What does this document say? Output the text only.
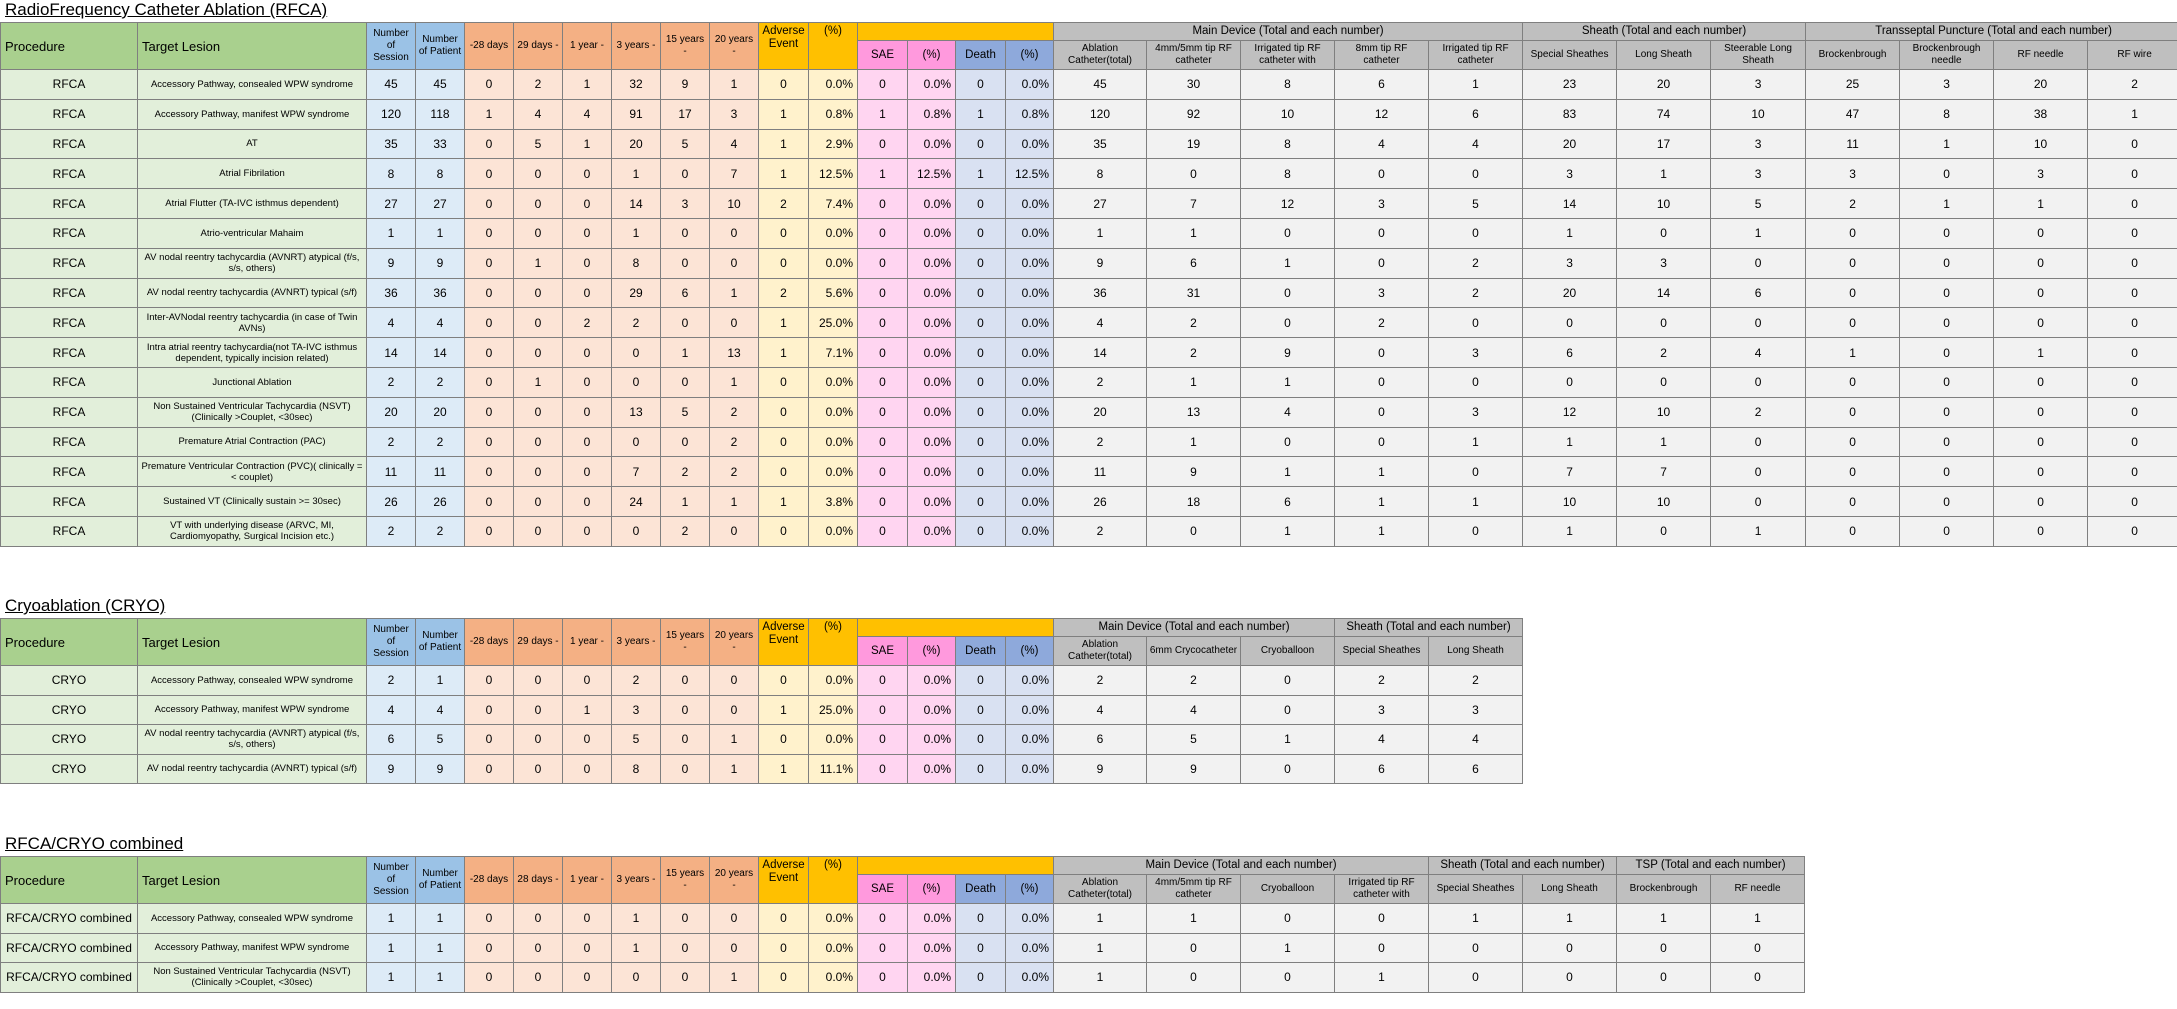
RadioFrequency Catheter Ablation (RFCA)
Procedure	Target Lesion	Number of Session	Number of Patient	-28 days	29 days -	1 year -	3 years -	15 years -	20 years -	Adverse Event	(%)					Main Device (Total and each number)					Sheath (Total and each number)			Transseptal Puncture (Total and each number)			
												SAE	(%)	Death	(%)	Ablation Catheter(total)	4mm/5mm tip RF catheter	Irrigated tip RF catheter with	8mm tip RF catheter	Irrigated tip RF catheter	Special Sheathes	Long Sheath	Steerable Long Sheath	Brockenbrough	Brockenbrough needle	RF needle	RF wire
RFCA	Accessory Pathway, consealed WPW syndrome	45	45	0	2	1	32	9	1	0	0.0%	0	0.0%	0	0.0%	45	30	8	6	1	23	20	3	25	3	20	2
RFCA	Accessory Pathway, manifest WPW syndrome	120	118	1	4	4	91	17	3	1	0.8%	1	0.8%	1	0.8%	120	92	10	12	6	83	74	10	47	8	38	1
RFCA	AT	35	33	0	5	1	20	5	4	1	2.9%	0	0.0%	0	0.0%	35	19	8	4	4	20	17	3	11	1	10	0
RFCA	Atrial Fibrilation	8	8	0	0	0	1	0	7	1	12.5%	1	12.5%	1	12.5%	8	0	8	0	0	3	1	3	3	0	3	0
RFCA	Atrial Flutter (TA-IVC isthmus dependent)	27	27	0	0	0	14	3	10	2	7.4%	0	0.0%	0	0.0%	27	7	12	3	5	14	10	5	2	1	1	0
RFCA	Atrio-ventricular Mahaim	1	1	0	0	0	1	0	0	0	0.0%	0	0.0%	0	0.0%	1	1	0	0	0	1	0	1	0	0	0	0
RFCA	AV nodal reentry tachycardia (AVNRT) atypical (f/s, s/s, others)	9	9	0	1	0	8	0	0	0	0.0%	0	0.0%	0	0.0%	9	6	1	0	2	3	3	0	0	0	0	0
RFCA	AV nodal reentry tachycardia (AVNRT) typical (s/f)	36	36	0	0	0	29	6	1	2	5.6%	0	0.0%	0	0.0%	36	31	0	3	2	20	14	6	0	0	0	0
RFCA	Inter-AVNodal reentry tachycardia (in case of Twin AVNs)	4	4	0	0	2	2	0	0	1	25.0%	0	0.0%	0	0.0%	4	2	0	2	0	0	0	0	0	0	0	0
RFCA	Intra atrial reentry tachycardia(not TA-IVC isthmus dependent, typically incision related)	14	14	0	0	0	0	1	13	1	7.1%	0	0.0%	0	0.0%	14	2	9	0	3	6	2	4	1	0	1	0
RFCA	Junctional Ablation	2	2	0	1	0	0	0	1	0	0.0%	0	0.0%	0	0.0%	2	1	1	0	0	0	0	0	0	0	0	0
RFCA	Non Sustained Ventricular Tachycardia (NSVT)(Clinically >Couplet, <30sec)	20	20	0	0	0	13	5	2	0	0.0%	0	0.0%	0	0.0%	20	13	4	0	3	12	10	2	0	0	0	0
RFCA	Premature Atrial Contraction (PAC)	2	2	0	0	0	0	0	2	0	0.0%	0	0.0%	0	0.0%	2	1	0	0	1	1	1	0	0	0	0	0
RFCA	Premature Ventricular Contraction (PVC)( clinically =< couplet)	11	11	0	0	0	7	2	2	0	0.0%	0	0.0%	0	0.0%	11	9	1	1	0	7	7	0	0	0	0	0
RFCA	Sustained VT (Clinically sustain >= 30sec)	26	26	0	0	0	24	1	1	1	3.8%	0	0.0%	0	0.0%	26	18	6	1	1	10	10	0	0	0	0	0
RFCA	VT with underlying disease (ARVC, MI, Cardiomyopathy, Surgical Incision etc.)	2	2	0	0	0	0	2	0	0	0.0%	0	0.0%	0	0.0%	2	0	1	1	0	1	0	1	0	0	0	0
Cryoablation (CRYO)
Procedure	Target Lesion	Number of Session	Number of Patient	-28 days	29 days -	1 year -	3 years -	15 years -	20 years -	Adverse Event	(%)					Main Device (Total and each number)			Sheath (Total and each number)	
												SAE	(%)	Death	(%)	Ablation Catheter(total)	6mm Crycocatheter	Cryoballoon	Special Sheathes	Long Sheath
CRYO	Accessory Pathway, consealed WPW syndrome	2	1	0	0	0	2	0	0	0	0.0%	0	0.0%	0	0.0%	2	2	0	2	2
CRYO	Accessory Pathway, manifest WPW syndrome	4	4	0	0	1	3	0	0	1	25.0%	0	0.0%	0	0.0%	4	4	0	3	3
CRYO	AV nodal reentry tachycardia (AVNRT) atypical (f/s, s/s, others)	6	5	0	0	0	5	0	1	0	0.0%	0	0.0%	0	0.0%	6	5	1	4	4
CRYO	AV nodal reentry tachycardia (AVNRT) typical (s/f)	9	9	0	0	0	8	0	1	1	11.1%	0	0.0%	0	0.0%	9	9	0	6	6
RFCA/CRYO combined
Procedure	Target Lesion	Number of Session	Number of Patient	-28 days	28 days -	1 year -	3 years -	15 years -	20 years -	Adverse Event	(%)					Main Device (Total and each number)				Sheath (Total and each number)		TSP (Total and each number)	
												SAE	(%)	Death	(%)	Ablation Catheter(total)	4mm/5mm tip RF catheter	Cryoballoon	Irrigated tip RF catheter with	Special Sheathes	Long Sheath	Brockenbrough	RF needle
RFCA/CRYO combined	Accessory Pathway, consealed WPW syndrome	1	1	0	0	0	1	0	0	0	0.0%	0	0.0%	0	0.0%	1	1	0	0	1	1	1	1
RFCA/CRYO combined	Accessory Pathway, manifest WPW syndrome	1	1	0	0	0	1	0	0	0	0.0%	0	0.0%	0	0.0%	1	0	1	0	0	0	0	0
RFCA/CRYO combined	Non Sustained Ventricular Tachycardia (NSVT)(Clinically >Couplet, <30sec)	1	1	0	0	0	0	0	1	0	0.0%	0	0.0%	0	0.0%	1	0	0	1	0	0	0	0
